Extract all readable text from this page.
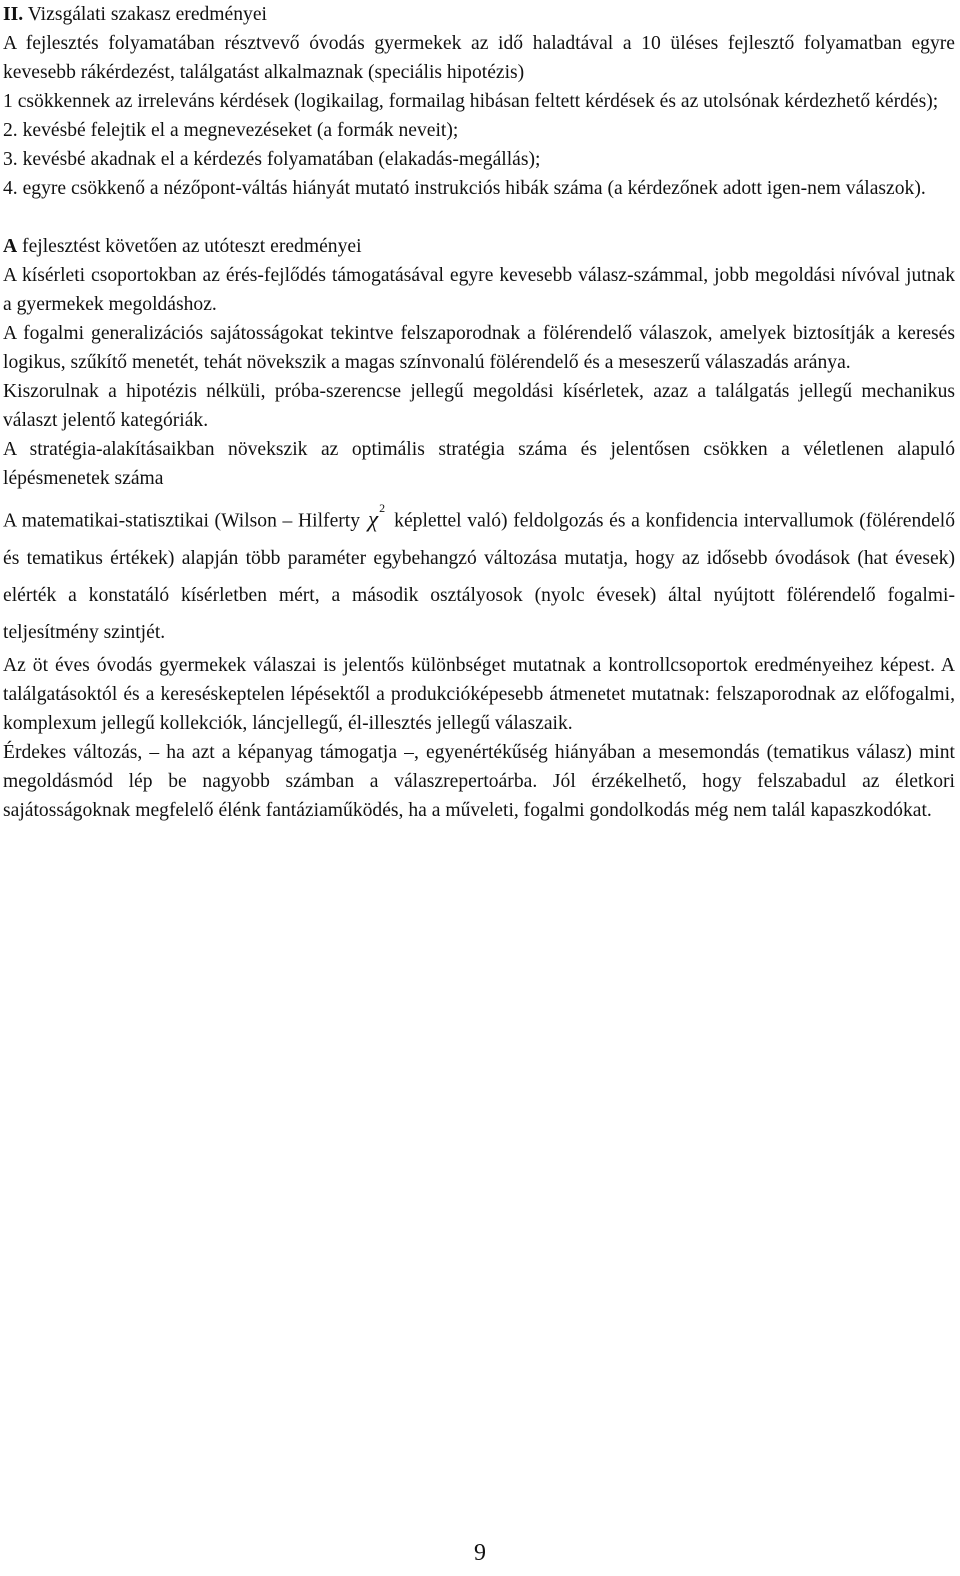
II. Vizsgálati szakasz eredményei

A fejlesztés folyamatában résztvevő óvodás gyermekek az idő haladtával a 10 üléses fejlesztő folyamatban egyre kevesebb rákérdezést, találgatást alkalmaznak (speciális hipotézis)

1 csökkennek az irreleváns kérdések (logikailag, formailag hibásan feltett kérdések és az utolsónak kérdezhető kérdés);

2. kevésbé felejtik el a megnevezéseket (a formák neveit);

3. kevésbé akadnak el a kérdezés folyamatában (elakadás-megállás);

4. egyre csökkenő a nézőpont-váltás hiányát mutató instrukciós hibák száma (a kérdezőnek adott igen-nem válaszok).

A fejlesztést követően az utóteszt eredményei

A kísérleti csoportokban az érés-fejlődés támogatásával egyre kevesebb válasz-számmal, jobb megoldási nívóval jutnak a gyermekek megoldáshoz.

A fogalmi generalizációs sajátosságokat tekintve felszaporodnak a fölérendelő válaszok, amelyek biztosítják a keresés logikus, szűkítő menetét, tehát növekszik a magas színvonalú fölérendelő és a meseszerű válaszadás aránya.

Kiszorulnak a hipotézis nélküli, próba-szerencse jellegű megoldási kísérletek, azaz a találgatás jellegű mechanikus választ jelentő kategóriák.

A stratégia-alakításaikban növekszik az optimális stratégia száma és jelentősen csökken a véletlenen alapuló lépésmenetek száma

A matematikai-statisztikai (Wilson – Hilferty $\chi^2képlettel$ való) feldolgozás és a konfidencia intervallumok (fölérendelő és tematikus értékek) alapján több paraméter egybehangzó változása mutatja, hogy az idősebb óvodások (hat évesek) elérték a konstatáló kísérletben mért, a második osztályosok (nyolc évesek) által nyújtott fölérendelő fogalmi-teljesítmény szintjét.

Az öt éves óvodás gyermekek válaszai is jelentős különbséget mutatnak a kontrollcsoportok eredményeihez képest. A találgatásoktól és a kereséskeptelen lépésektől a produkcióképesebb átmenetet mutatnak: felszaporodnak az előfogalmi, komplexum jellegű kollekciók, láncjellegű, él-illesztés jellegű válaszaik.

Érdekes változás, – ha azt a képanyag támogatja –, egyenértékűség hiányában a mesemondás (tematikus válasz) mint megoldásmód lép be nagyobb számban a válaszrepertoárba. Jól érzékelhető, hogy felszabadul az életkori sajátosságoknak megfelelő élénk fantáziaműködés, ha a műveleti, fogalmi gondolkodás még nem talál kapaszkodókat.

9
